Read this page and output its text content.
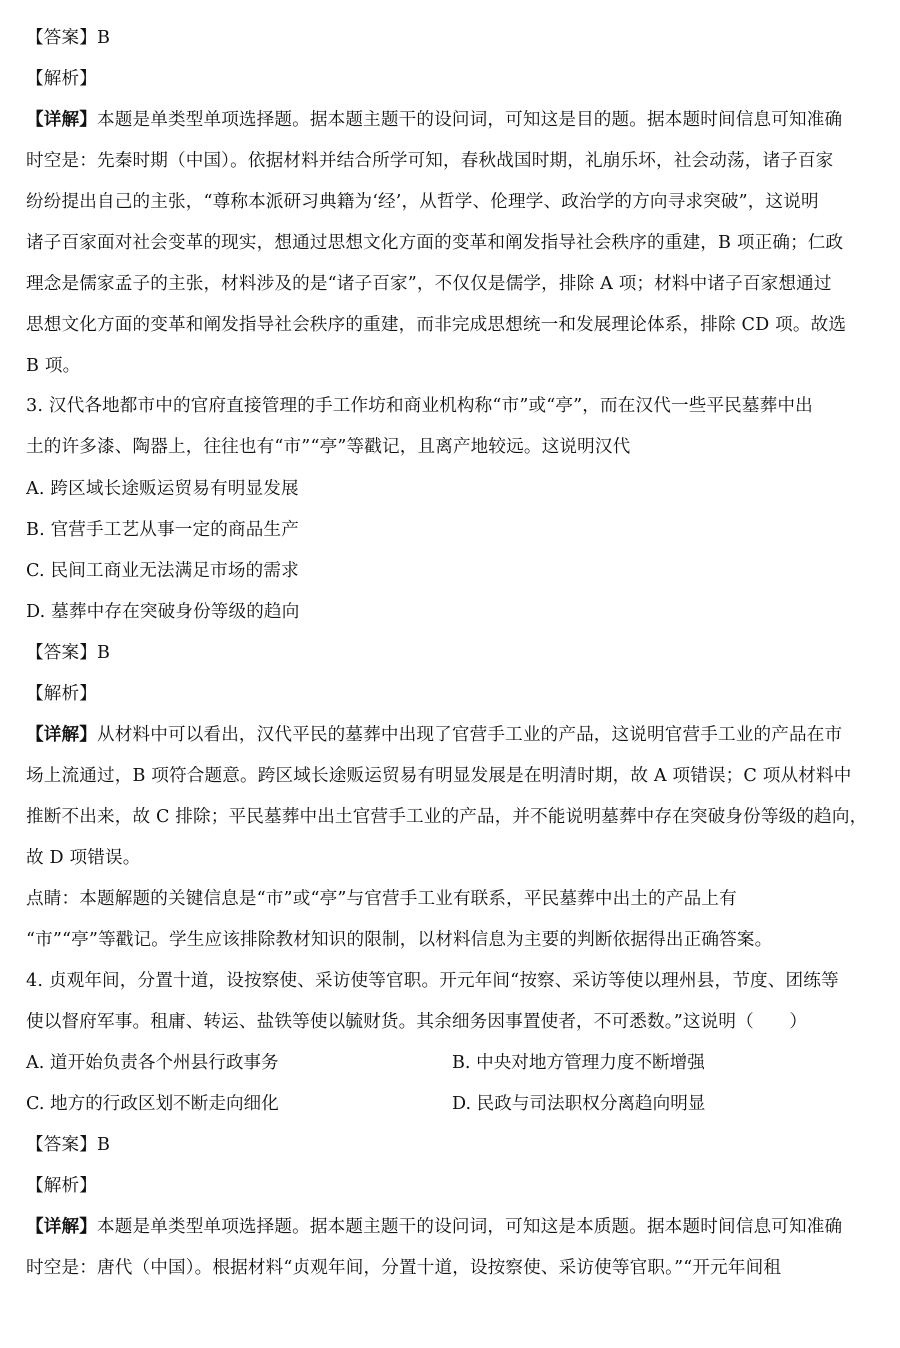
【答案】B
【解析】
【详解】本题是单类型单项选择题。据本题主题干的设问词，可知这是目的题。据本题时间信息可知准确
时空是：先秦时期（中国）。依据材料并结合所学可知，春秋战国时期，礼崩乐坏，社会动荡，诸子百家
纷纷提出自己的主张，“尊称本派研习典籍为‘经’，从哲学、伦理学、政治学的方向寻求突破”，这说明
诸子百家面对社会变革的现实，想通过思想文化方面的变革和阐发指导社会秩序的重建，B 项正确；仁政
理念是儒家孟子的主张，材料涉及的是“诸子百家”，不仅仅是儒学，排除 A 项；材料中诸子百家想通过
思想文化方面的变革和阐发指导社会秩序的重建，而非完成思想统一和发展理论体系，排除 CD 项。故选
B 项。
3. 汉代各地都市中的官府直接管理的手工作坊和商业机构称“市”或“亭”，而在汉代一些平民墓葬中出
土的许多漆、陶器上，往往也有“市”“亭”等戳记，且离产地较远。这说明汉代
A. 跨区域长途贩运贸易有明显发展
B. 官营手工艺从事一定的商品生产
C. 民间工商业无法满足市场的需求
D. 墓葬中存在突破身份等级的趋向
【答案】B
【解析】
【详解】从材料中可以看出，汉代平民的墓葬中出现了官营手工业的产品，这说明官营手工业的产品在市
场上流通过，B 项符合题意。跨区域长途贩运贸易有明显发展是在明清时期，故 A 项错误；C 项从材料中
推断不出来，故 C 排除；平民墓葬中出土官营手工业的产品，并不能说明墓葬中存在突破身份等级的趋向，
故 D 项错误。
点睛：本题解题的关键信息是“市”或“亭”与官营手工业有联系，平民墓葬中出土的产品上有
“市”“亭”等戳记。学生应该排除教材知识的限制，以材料信息为主要的判断依据得出正确答案。
4. 贞观年间，分置十道，设按察使、采访使等官职。开元年间“按察、采访等使以理州县，节度、团练等
使以督府军事。租庸、转运、盐铁等使以毓财货。其余细务因事置使者，不可悉数。”这说明（　　）
A. 道开始负责各个州县行政事务	B. 中央对地方管理力度不断增强
C. 地方的行政区划不断走向细化	D. 民政与司法职权分离趋向明显
【答案】B
【解析】
【详解】本题是单类型单项选择题。据本题主题干的设问词，可知这是本质题。据本题时间信息可知准确
时空是：唐代（中国）。根据材料“贞观年间，分置十道，设按察使、采访使等官职。”“开元年间租
